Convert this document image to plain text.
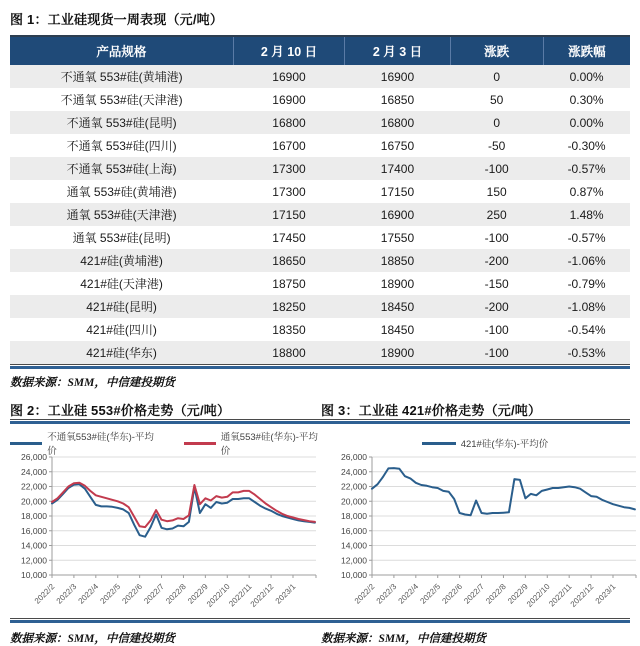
图 1：工业硅现货一周表现（元/吨）
产品规格	2 月 10 日	2 月 3 日	涨跌	涨跌幅
不通氧 553#硅(黄埔港)	16900	16900	0	0.00%
不通氧 553#硅(天津港)	16900	16850	50	0.30%
不通氧 553#硅(昆明)	16800	16800	0	0.00%
不通氧 553#硅(四川)	16700	16750	-50	-0.30%
不通氧 553#硅(上海)	17300	17400	-100	-0.57%
通氧 553#硅(黄埔港)	17300	17150	150	0.87%
通氧 553#硅(天津港)	17150	16900	250	1.48%
通氧 553#硅(昆明)	17450	17550	-100	-0.57%
421#硅(黄埔港)	18650	18850	-200	-1.06%
421#硅(天津港)	18750	18900	-150	-0.79%
421#硅(昆明)	18250	18450	-200	-1.08%
421#硅(四川)	18350	18450	-100	-0.54%
421#硅(华东)	18800	18900	-100	-0.53%
数据来源：SMM，中信建投期货
图 2：工业硅 553#价格走势（元/吨）	图 3：工业硅 421#价格走势（元/吨）
不通氧553#硅(华东)-平均价
通氧553#硅(华东)-平均价
10,000
12,000
14,000
16,000
18,000
20,000
22,000
24,000
26,000
2022/2
2022/3
2022/4
2022/5
2022/6
2022/7
2022/8
2022/9
2022/10
2022/11
2022/12
2023/1
421#硅(华东)-平均价
10,000
12,000
14,000
16,000
18,000
20,000
22,000
24,000
26,000
2022/2
2022/3
2022/4
2022/5
2022/6
2022/7
2022/8
2022/9
2022/10
2022/11
2022/12
2023/1
数据来源：SMM，中信建投期货	数据来源：SMM，中信建投期货
